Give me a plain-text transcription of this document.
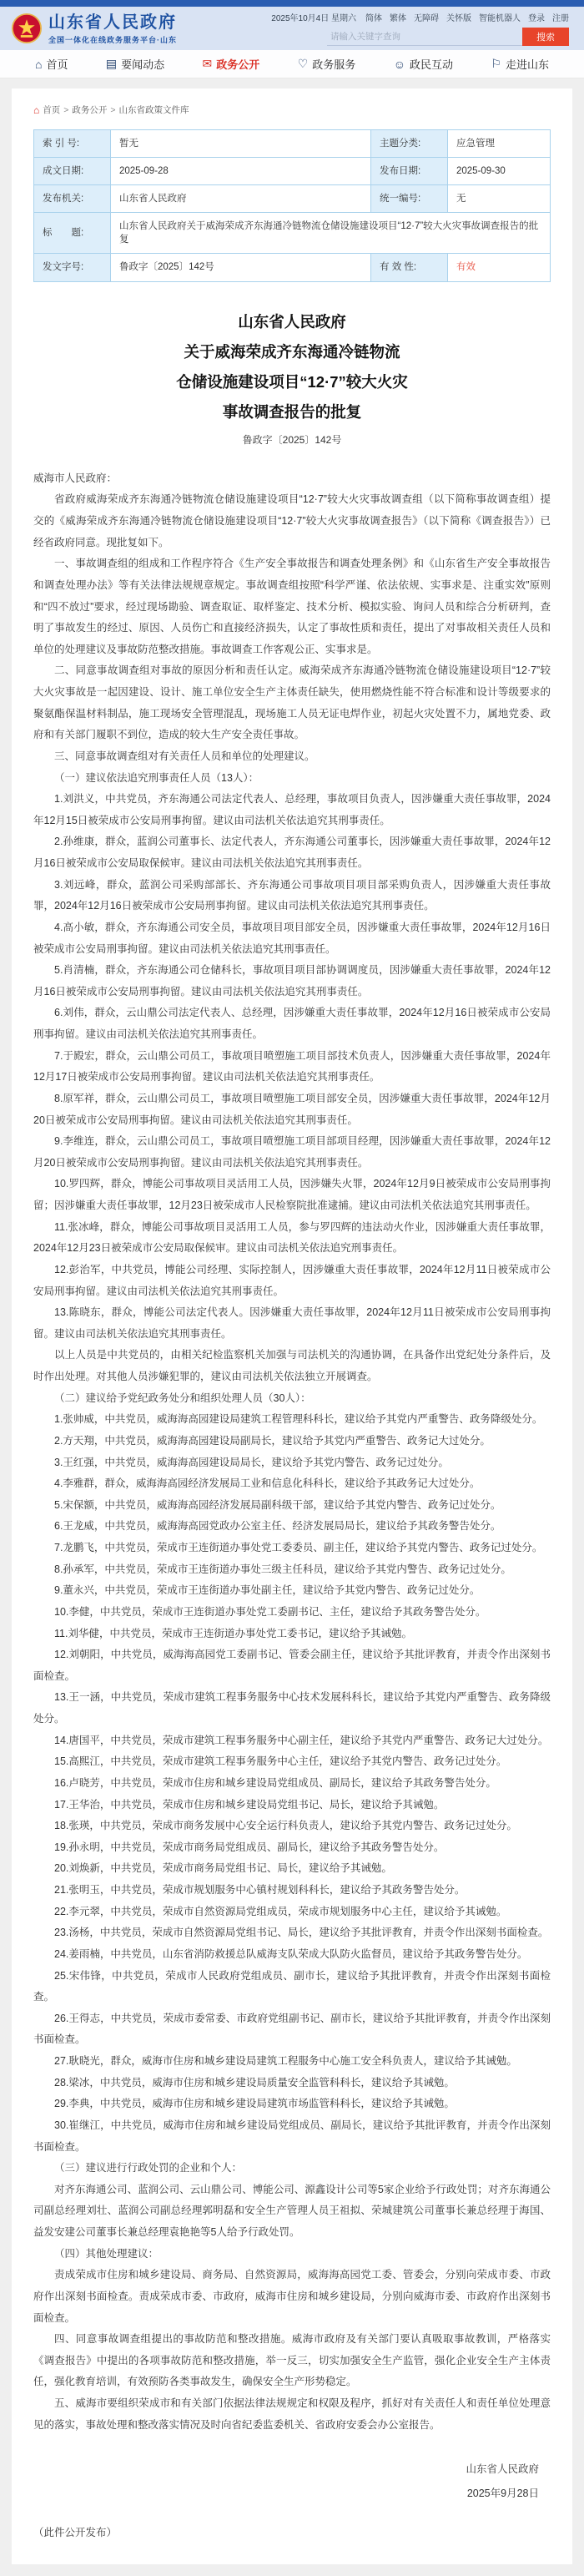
山东省人民政府
全国一体化在线政务服务平台·山东
2025年10月4日 星期六 简体 繁体 无障碍 关怀版 智能机器人 登录 注册
请输入关键字查询
搜索
⌂ 首页	▤ 要闻动态	✉ 政务公开	♡ 政务服务	☺ 政民互动	⚐ 走进山东
⌂ 首页 > 政务公开 > 山东省政策文件库
索 引 号:	暂无	主题分类:	应急管理
成文日期:	2025-09-28	发布日期:	2025-09-30
发布机关:	山东省人民政府	统一编号:	无
标　　题:	山东省人民政府关于威海荣成齐东海通冷链物流仓储设施建设项目“12·7”较大火灾事故调查报告的批复		
发文字号:	鲁政字〔2025〕142号	有 效 性:	有效
山东省人民政府
关于威海荣成齐东海通冷链物流
仓储设施建设项目“12·7”较大火灾
事故调查报告的批复
鲁政字〔2025〕142号

威海市人民政府：

省政府威海荣成齐东海通冷链物流仓储设施建设项目“12·7”较大火灾事故调查组（以下简称事故调查组）提交的《威海荣成齐东海通冷链物流仓储设施建设项目“12·7”较大火灾事故调查报告》（以下简称《调查报告》）已经省政府同意。现批复如下。

一、事故调查组的组成和工作程序符合《生产安全事故报告和调查处理条例》和《山东省生产安全事故报告和调查处理办法》等有关法律法规规章规定。事故调查组按照“科学严谨、依法依规、实事求是、注重实效”原则和“四不放过”要求，经过现场勘验、调查取证、取样鉴定、技术分析、模拟实验、询问人员和综合分析研判，查明了事故发生的经过、原因、人员伤亡和直接经济损失，认定了事故性质和责任，提出了对事故相关责任人员和单位的处理建议及事故防范整改措施。事故调查工作客观公正、实事求是。

二、同意事故调查组对事故的原因分析和责任认定。威海荣成齐东海通冷链物流仓储设施建设项目“12·7”较大火灾事故是一起因建设、设计、施工单位安全生产主体责任缺失，使用燃烧性能不符合标准和设计等级要求的聚氨酯保温材料制品，施工现场安全管理混乱，现场施工人员无证电焊作业，初起火灾处置不力，属地党委、政府和有关部门履职不到位，造成的较大生产安全责任事故。

三、同意事故调查组对有关责任人员和单位的处理建议。

（一）建议依法追究刑事责任人员（13人）：

1.刘洪义，中共党员，齐东海通公司法定代表人、总经理，事故项目负责人，因涉嫌重大责任事故罪，2024年12月15日被荣成市公安局刑事拘留。建议由司法机关依法追究其刑事责任。

2.孙维康，群众，蓝润公司董事长、法定代表人，齐东海通公司董事长，因涉嫌重大责任事故罪，2024年12月16日被荣成市公安局取保候审。建议由司法机关依法追究其刑事责任。

3.刘远峰，群众，蓝润公司采购部部长、齐东海通公司事故项目项目部采购负责人，因涉嫌重大责任事故罪，2024年12月16日被荣成市公安局刑事拘留。建议由司法机关依法追究其刑事责任。

4.高小敏，群众，齐东海通公司安全员，事故项目项目部安全员，因涉嫌重大责任事故罪，2024年12月16日被荣成市公安局刑事拘留。建议由司法机关依法追究其刑事责任。

5.肖清楠，群众，齐东海通公司仓储科长，事故项目项目部协调调度员，因涉嫌重大责任事故罪，2024年12月16日被荣成市公安局刑事拘留。建议由司法机关依法追究其刑事责任。

6.刘伟，群众，云山鼎公司法定代表人、总经理，因涉嫌重大责任事故罪，2024年12月16日被荣成市公安局刑事拘留。建议由司法机关依法追究其刑事责任。

7.于殿宏，群众，云山鼎公司员工，事故项目喷塑施工项目部技术负责人，因涉嫌重大责任事故罪，2024年12月17日被荣成市公安局刑事拘留。建议由司法机关依法追究其刑事责任。

8.原军祥，群众，云山鼎公司员工，事故项目喷塑施工项目部安全员，因涉嫌重大责任事故罪，2024年12月20日被荣成市公安局刑事拘留。建议由司法机关依法追究其刑事责任。

9.李维连，群众，云山鼎公司员工，事故项目喷塑施工项目部项目经理，因涉嫌重大责任事故罪，2024年12月20日被荣成市公安局刑事拘留。建议由司法机关依法追究其刑事责任。

10.罗四辉，群众，博能公司事故项目灵活用工人员，因涉嫌失火罪，2024年12月9日被荣成市公安局刑事拘留；因涉嫌重大责任事故罪，12月23日被荣成市人民检察院批准逮捕。建议由司法机关依法追究其刑事责任。

11.张冰峰，群众，博能公司事故项目灵活用工人员，参与罗四辉的违法动火作业，因涉嫌重大责任事故罪，2024年12月23日被荣成市公安局取保候审。建议由司法机关依法追究刑事责任。

12.彭治军，中共党员，博能公司经理、实际控制人，因涉嫌重大责任事故罪，2024年12月11日被荣成市公安局刑事拘留。建议由司法机关依法追究其刑事责任。

13.陈晓东，群众，博能公司法定代表人。因涉嫌重大责任事故罪，2024年12月11日被荣成市公安局刑事拘留。建议由司法机关依法追究其刑事责任。

以上人员是中共党员的，由相关纪检监察机关加强与司法机关的沟通协调，在具备作出党纪处分条件后，及时作出处理。对其他人员涉嫌犯罪的，建议由司法机关依法独立开展调查。

（二）建议给予党纪政务处分和组织处理人员（30人）：

1.张帅威，中共党员，威海海高园建设局建筑工程管理科科长，建议给予其党内严重警告、政务降级处分。

2.方天翔，中共党员，威海海高园建设局副局长，建议给予其党内严重警告、政务记大过处分。

3.王红强，中共党员，威海海高园建设局局长，建议给予其党内警告、政务记过处分。

4.李雅群，群众，威海海高园经济发展局工业和信息化科科长，建议给予其政务记大过处分。

5.宋保额，中共党员，威海海高园经济发展局副科级干部，建议给予其党内警告、政务记过处分。

6.王龙威，中共党员，威海海高园党政办公室主任、经济发展局局长，建议给予其政务警告处分。

7.龙鹏飞，中共党员，荣成市王连街道办事处党工委委员、副主任，建议给予其党内警告、政务记过处分。

8.孙承军，中共党员，荣成市王连街道办事处三级主任科员，建议给予其党内警告、政务记过处分。

9.董永兴，中共党员，荣成市王连街道办事处副主任，建议给予其党内警告、政务记过处分。

10.李健，中共党员，荣成市王连街道办事处党工委副书记、主任，建议给予其政务警告处分。

11.刘华健，中共党员，荣成市王连街道办事处党工委书记，建议给予其诫勉。

12.刘朝阳，中共党员，威海海高园党工委副书记、管委会副主任，建议给予其批评教育，并责令作出深刻书面检查。

13.王一涵，中共党员，荣成市建筑工程事务服务中心技术发展科科长，建议给予其党内严重警告、政务降级处分。

14.唐国平，中共党员，荣成市建筑工程事务服务中心副主任，建议给予其党内严重警告、政务记大过处分。

15.高熙江，中共党员，荣成市建筑工程事务服务中心主任，建议给予其党内警告、政务记过处分。

16.卢晓芳，中共党员，荣成市住房和城乡建设局党组成员、副局长，建议给予其政务警告处分。

17.王华治，中共党员，荣成市住房和城乡建设局党组书记、局长，建议给予其诫勉。

18.张瑛，中共党员，荣成市商务发展中心安全运行科负责人，建议给予其党内警告、政务记过处分。

19.孙永明，中共党员，荣成市商务局党组成员、副局长，建议给予其政务警告处分。

20.刘焕新，中共党员，荣成市商务局党组书记、局长，建议给予其诫勉。

21.张明玉，中共党员，荣成市规划服务中心镇村规划科科长，建议给予其政务警告处分。

22.李元翠，中共党员，荣成市自然资源局党组成员，荣成市规划服务中心主任，建议给予其诫勉。

23.汤杨，中共党员，荣成市自然资源局党组书记、局长，建议给予其批评教育，并责令作出深刻书面检查。

24.姜雨楠，中共党员，山东省消防救援总队威海支队荣成大队防火监督员，建议给予其政务警告处分。

25.宋伟锋，中共党员，荣成市人民政府党组成员、副市长，建议给予其批评教育，并责令作出深刻书面检查。

26.王得志，中共党员，荣成市委常委、市政府党组副书记、副市长，建议给予其批评教育，并责令作出深刻书面检查。

27.耿晓光，群众，威海市住房和城乡建设局建筑工程服务中心施工安全科负责人，建议给予其诫勉。

28.梁冰，中共党员，威海市住房和城乡建设局质量安全监管科科长，建议给予其诫勉。

29.李典，中共党员，威海市住房和城乡建设局建筑市场监管科科长，建议给予其诫勉。

30.崔继江，中共党员，威海市住房和城乡建设局党组成员、副局长，建议给予其批评教育，并责令作出深刻书面检查。

（三）建议进行行政处罚的企业和个人：

对齐东海通公司、蓝润公司、云山鼎公司、博能公司、源鑫设计公司等5家企业给予行政处罚；对齐东海通公司副总经理刘壮、蓝润公司副总经理郭明磊和安全生产管理人员王祖拟、荣城建筑公司董事长兼总经理于海国、益发安建公司董事长兼总经理袁艳艳等5人给予行政处罚。

（四）其他处理建议：

责成荣成市住房和城乡建设局、商务局、自然资源局，威海海高园党工委、管委会，分别向荣成市委、市政府作出深刻书面检查。责成荣成市委、市政府，威海市住房和城乡建设局，分别向威海市委、市政府作出深刻书面检查。

四、同意事故调查组提出的事故防范和整改措施。威海市政府及有关部门要认真吸取事故教训，严格落实《调查报告》中提出的各项事故防范和整改措施，举一反三，切实加强安全生产监管，强化企业安全生产主体责任，强化教育培训，有效预防各类事故发生，确保安全生产形势稳定。

五、威海市要组织荣成市和有关部门依据法律法规规定和权限及程序，抓好对有关责任人和责任单位处理意见的落实，事故处理和整改落实情况及时向省纪委监委机关、省政府安委会办公室报告。

山东省人民政府
2025年9月28日

（此件公开发布）
